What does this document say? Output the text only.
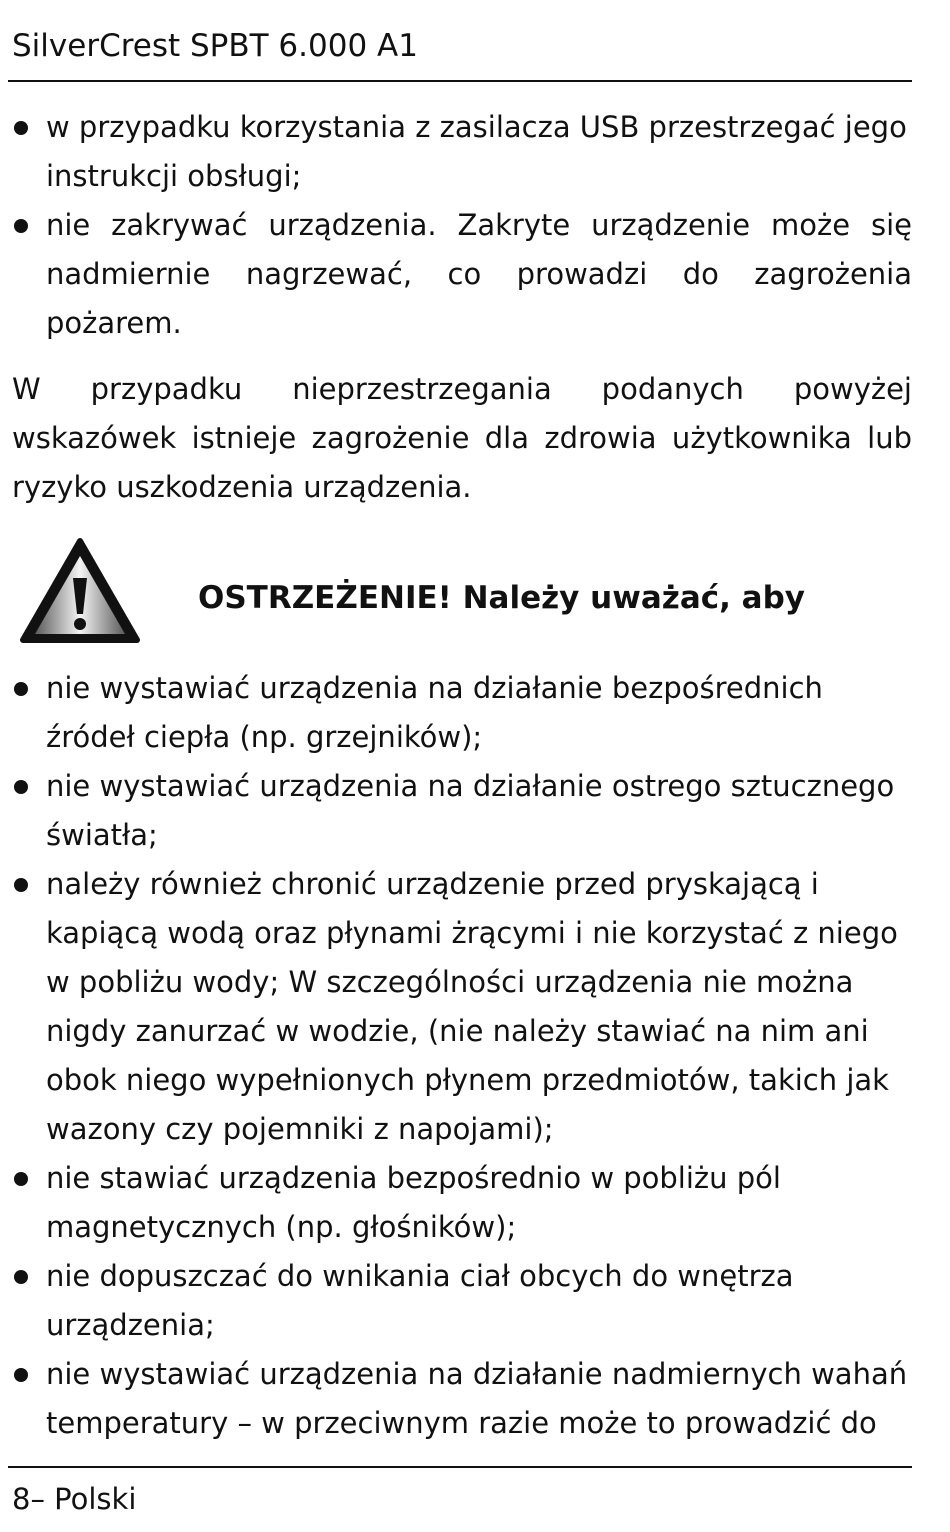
SilverCrest SPBT 6.000 A1
w przypadku korzystania z zasilacza USB przestrzegać jego instrukcji obsługi;
nie zakrywać urządzenia. Zakryte urządzenie może się nadmiernie nagrzewać, co prowadzi do zagrożenia pożarem.

W przypadku nieprzestrzegania podanych powyżej wskazówek istnieje zagrożenie dla zdrowia użytkownika lub ryzyko uszkodzenia urządzenia.

OSTRZEŻENIE! Należy uważać, aby
nie wystawiać urządzenia na działanie bezpośrednich źródeł ciepła (np. grzejników);
nie wystawiać urządzenia na działanie ostrego sztucznego światła;
należy również chronić urządzenie przed pryskającą i kapiącą wodą oraz płynami żrącymi i nie korzystać z niego w pobliżu wody; W szczególności urządzenia nie można nigdy zanurzać w wodzie, (nie należy stawiać na nim ani obok niego wypełnionych płynem przedmiotów, takich jak wazony czy pojemniki z napojami);
nie stawiać urządzenia bezpośrednio w pobliżu pól magnetycznych (np. głośników);
nie dopuszczać do wnikania ciał obcych do wnętrza urządzenia;
nie wystawiać urządzenia na działanie nadmiernych wahań temperatury – w przeciwnym razie może to prowadzić do
8– Polski
